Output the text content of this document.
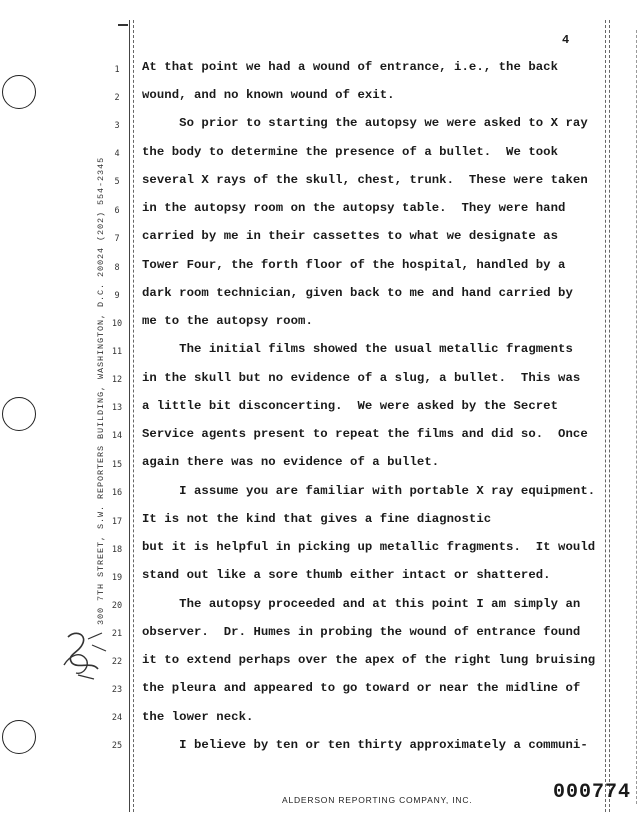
4
1
2
3
4
5
6
7
8
9
10
11
12
13
14
15
16
17
18
19
20
21
22
23
24
25
At that point we had a wound of entrance, i.e., the back
wound, and no known wound of exit.
So prior to starting the autopsy we were asked to X ray
the body to determine the presence of a bullet.  We took
several X rays of the skull, chest, trunk.  These were taken
in the autopsy room on the autopsy table.  They were hand
carried by me in their cassettes to what we designate as
Tower Four, the forth floor of the hospital, handled by a
dark room technician, given back to me and hand carried by
me to the autopsy room.
The initial films showed the usual metallic fragments
in the skull but no evidence of a slug, a bullet.  This was
a little bit disconcerting.  We were asked by the Secret
Service agents present to repeat the films and did so.  Once
again there was no evidence of a bullet.
I assume you are familiar with portable X ray equipment.
It is not the kind that gives a fine diagnostic
but it is helpful in picking up metallic fragments.  It would
stand out like a sore thumb either intact or shattered.
The autopsy proceeded and at this point I am simply an
observer.  Dr. Humes in probing the wound of entrance found
it to extend perhaps over the apex of the right lung bruising
the pleura and appeared to go toward or near the midline of
the lower neck.
I believe by ten or ten thirty approximately a communi-
300 7TH STREET, S.W. REPORTERS BUILDING, WASHINGTON, D.C. 20024 (202) 554-2345
ALDERSON REPORTING COMPANY, INC.	000774
